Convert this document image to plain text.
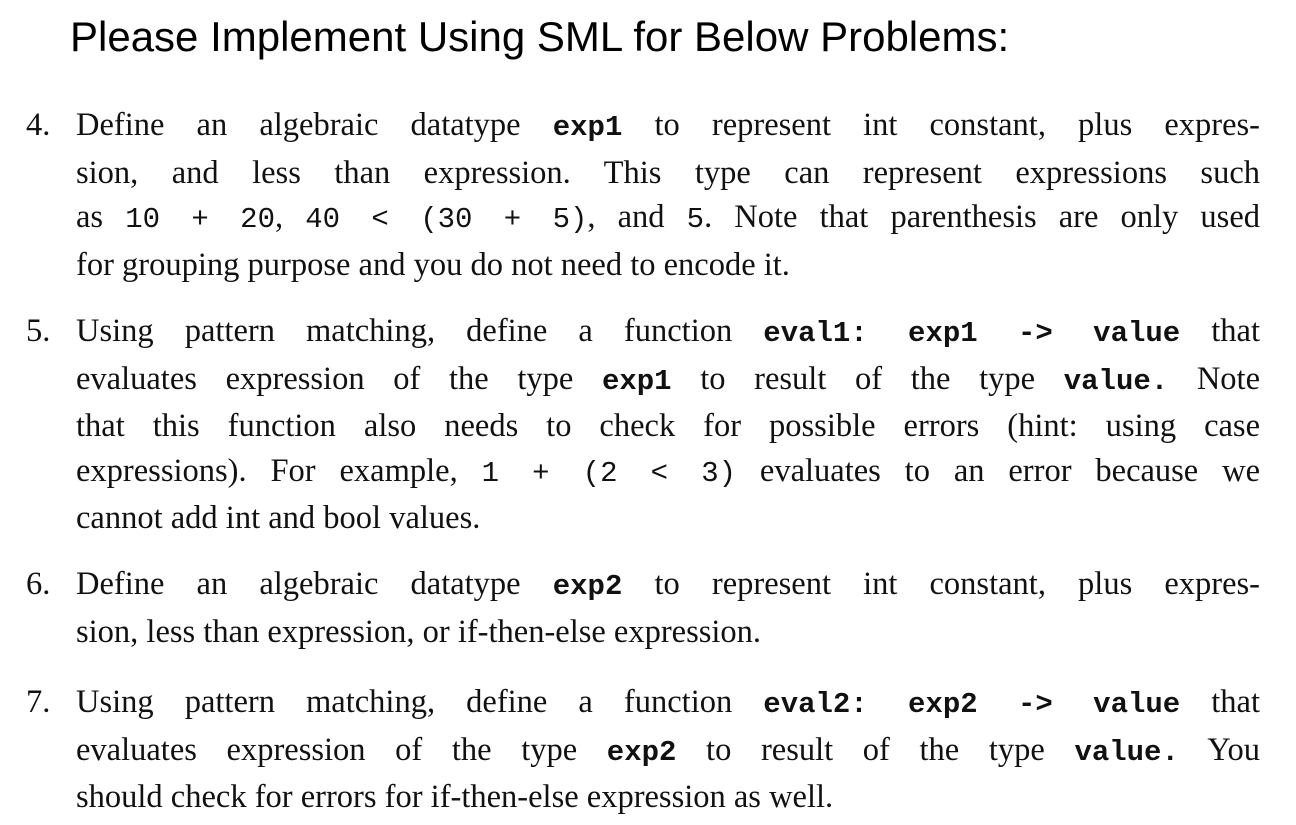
Please Implement Using SML for Below Problems:
4. Define an algebraic datatype exp1 to represent int constant, plus expres-
sion, and less than expression. This type can represent expressions such
as 10 + 20, 40 < (30 + 5), and 5. Note that parenthesis are only used
for grouping purpose and you do not need to encode it.
5. Using pattern matching, define a function eval1: exp1 -> value that
evaluates expression of the type exp1 to result of the type value. Note
that this function also needs to check for possible errors (hint: using case
expressions). For example, 1 + (2 < 3) evaluates to an error because we
cannot add int and bool values.
6. Define an algebraic datatype exp2 to represent int constant, plus expres-
sion, less than expression, or if-then-else expression.
7. Using pattern matching, define a function eval2: exp2 -> value that
evaluates expression of the type exp2 to result of the type value. You
should check for errors for if-then-else expression as well.
